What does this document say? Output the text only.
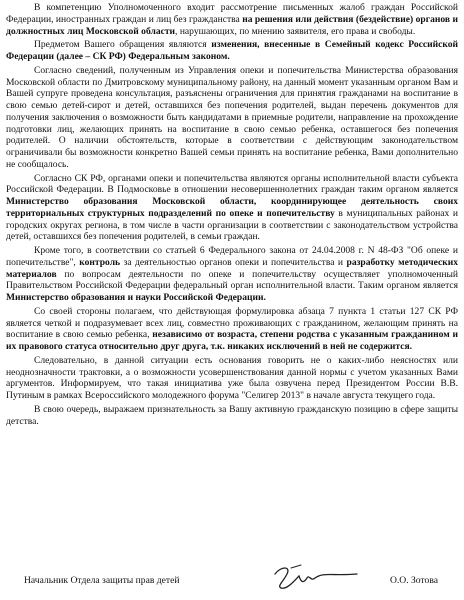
В компетенцию Уполномоченного входит рассмотрение письменных жалоб граждан Российской Федерации, иностранных граждан и лиц без гражданства на решения или действия (бездействие) органов и должностных лиц Московской области, нарушающих, по мнению заявителя, его права и свободы.

Предметом Вашего обращения являются изменения, внесенные в Семейный кодекс Российской Федерации (далее – СК РФ) Федеральным законом.

Согласно сведений, полученным из Управления опеки и попечительства Министерства образования Московской области по Дмитровскому муниципальному району, на данный момент указанным органом Вам и Вашей супруге проведена консультация, разъяснены ограничения для принятия гражданами на воспитание в свою семью детей-сирот и детей, оставшихся без попечения родителей, выдан перечень документов для получения заключения о возможности быть кандидатами в приемные родители, направление на прохождение подготовки лиц, желающих принять на воспитание в свою семью ребенка, оставшегося без попечения родителей. О наличии обстоятельств, которые в соответствии с действующим законодательством ограничивали бы возможности конкретно Вашей семьи принять на воспитание ребенка, Вами дополнительно не сообщалось.

Согласно СК РФ, органами опеки и попечительства являются органы исполнительной власти субъекта Российской Федерации. В Подмосковье в отношении несовершеннолетних граждан таким органом является Министерство образования Московской области, координирующее деятельность своих территориальных структурных подразделений по опеке и попечительству в муниципальных районах и городских округах региона, в том числе в части организации в соответствии с законодательством устройства детей, оставшихся без попечения родителей, в семьи граждан.

Кроме того, в соответствии со статьей 6 Федерального закона от 24.04.2008 г. N 48-ФЗ "Об опеке и попечительстве", контроль за деятельностью органов опеки и попечительства и разработку методических материалов по вопросам деятельности по опеке и попечительству осуществляет уполномоченный Правительством Российской Федерации федеральный орган исполнительной власти. Таким органом является Министерство образования и науки Российской Федерации.

Со своей стороны полагаем, что действующая формулировка абзаца 7 пункта 1 статьи 127 СК РФ является четкой и подразумевает всех лиц, совместно проживающих с гражданином, желающим принять на воспитание в свою семью ребенка, независимо от возраста, степени родства с указанным гражданином и их правового статуса относительно друг друга, т.к. никаких исключений в ней не содержится.

Следовательно, в данной ситуации есть основания говорить не о каких-либо неясностях или неоднозначности трактовки, а о возможности усовершенствования данной нормы с учетом указанных Вами аргументов. Информируем, что такая инициатива уже была озвучена перед Президентом России В.В. Путиным в рамках Всероссийского молодежного форума "Селигер 2013" в начале августа текущего года.

В свою очередь, выражаем признательность за Вашу активную гражданскую позицию в сфере защиты детства.

Начальник Отдела защиты прав детей	О.О. Зотова
